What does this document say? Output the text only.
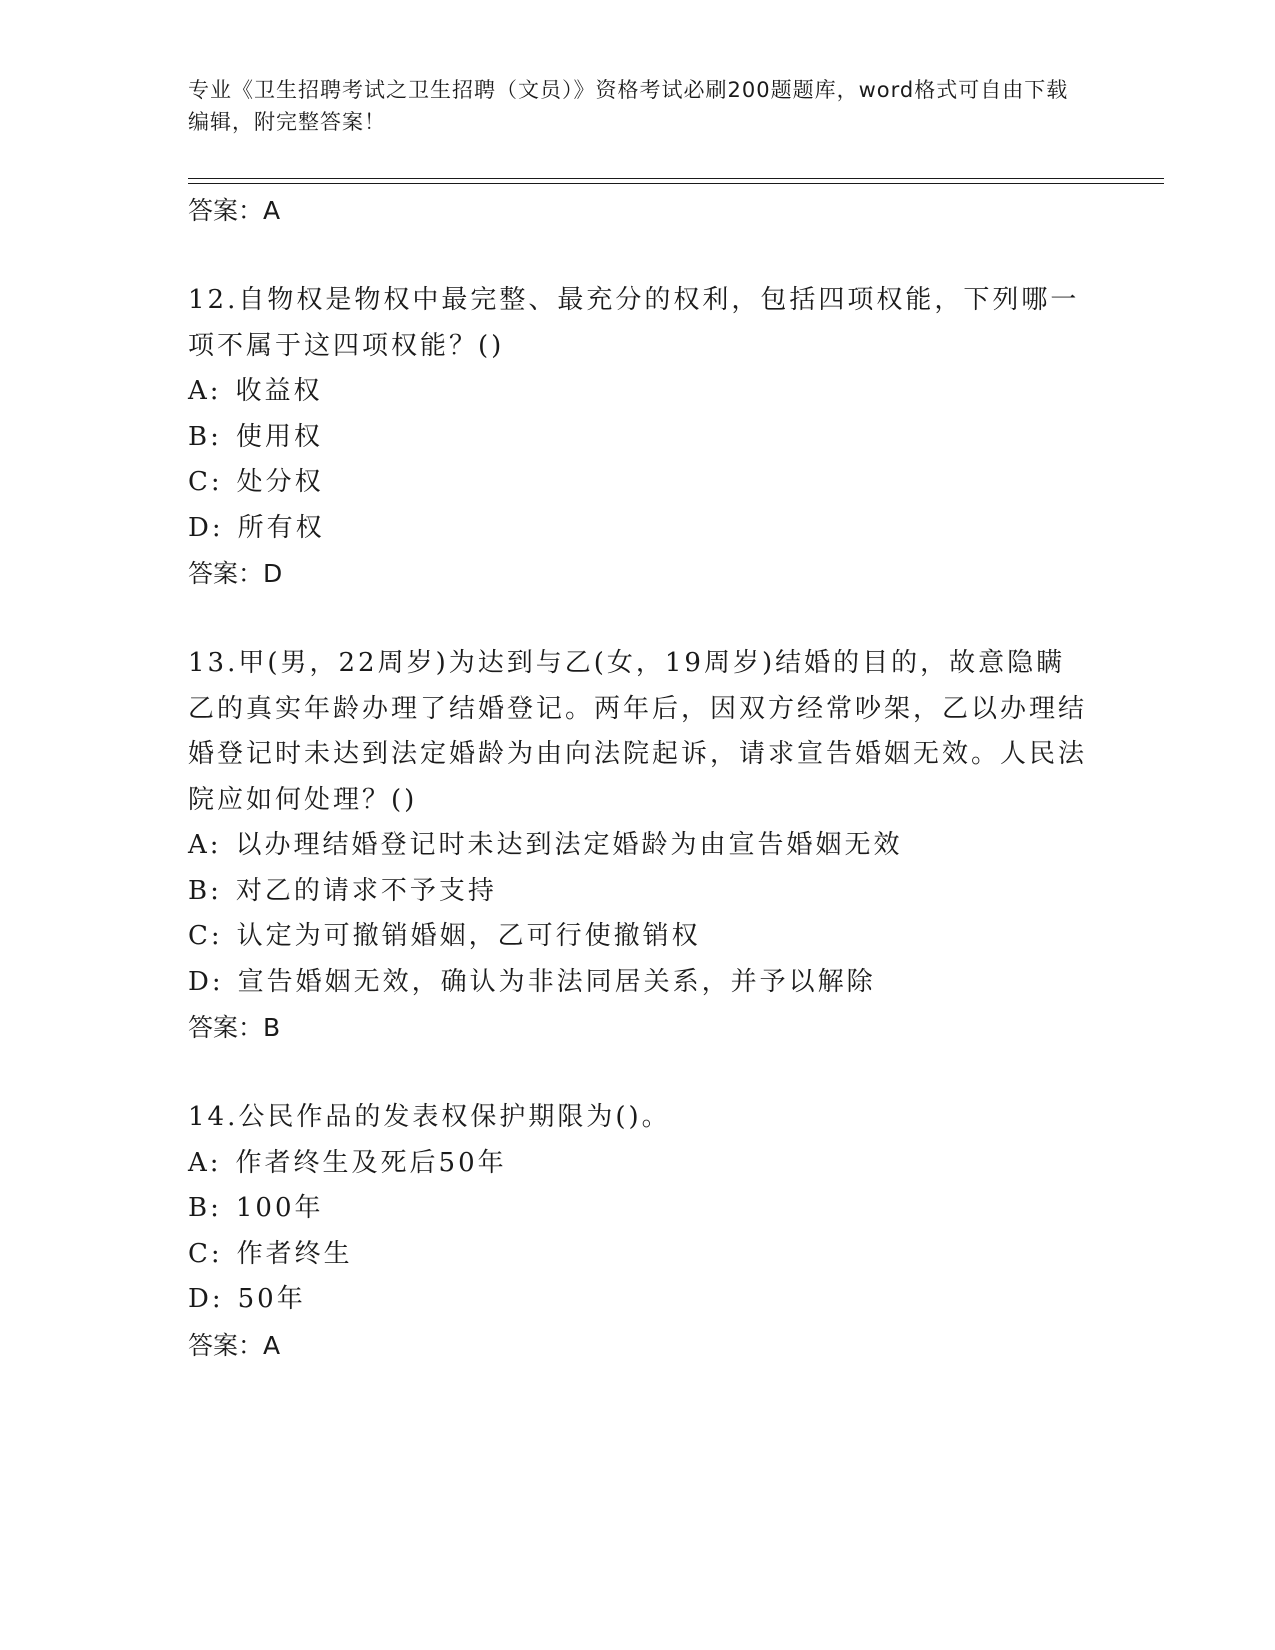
专业《卫生招聘考试之卫生招聘（文员）》资格考试必刷200题题库，word格式可自由下载编辑，附完整答案！
答案：A
12.自物权是物权中最完整、最充分的权利，包括四项权能，下列哪一项不属于这四项权能？()
A: 收益权
B: 使用权
C: 处分权
D: 所有权
答案：D
13.甲(男，22周岁)为达到与乙(女，19周岁)结婚的目的，故意隐瞒乙的真实年龄办理了结婚登记。两年后，因双方经常吵架，乙以办理结婚登记时未达到法定婚龄为由向法院起诉，请求宣告婚姻无效。人民法院应如何处理？()
A: 以办理结婚登记时未达到法定婚龄为由宣告婚姻无效
B: 对乙的请求不予支持
C: 认定为可撤销婚姻，乙可行使撤销权
D: 宣告婚姻无效，确认为非法同居关系，并予以解除
答案：B
14.公民作品的发表权保护期限为()。
A: 作者终生及死后50年
B: 100年
C: 作者终生
D: 50年
答案：A
